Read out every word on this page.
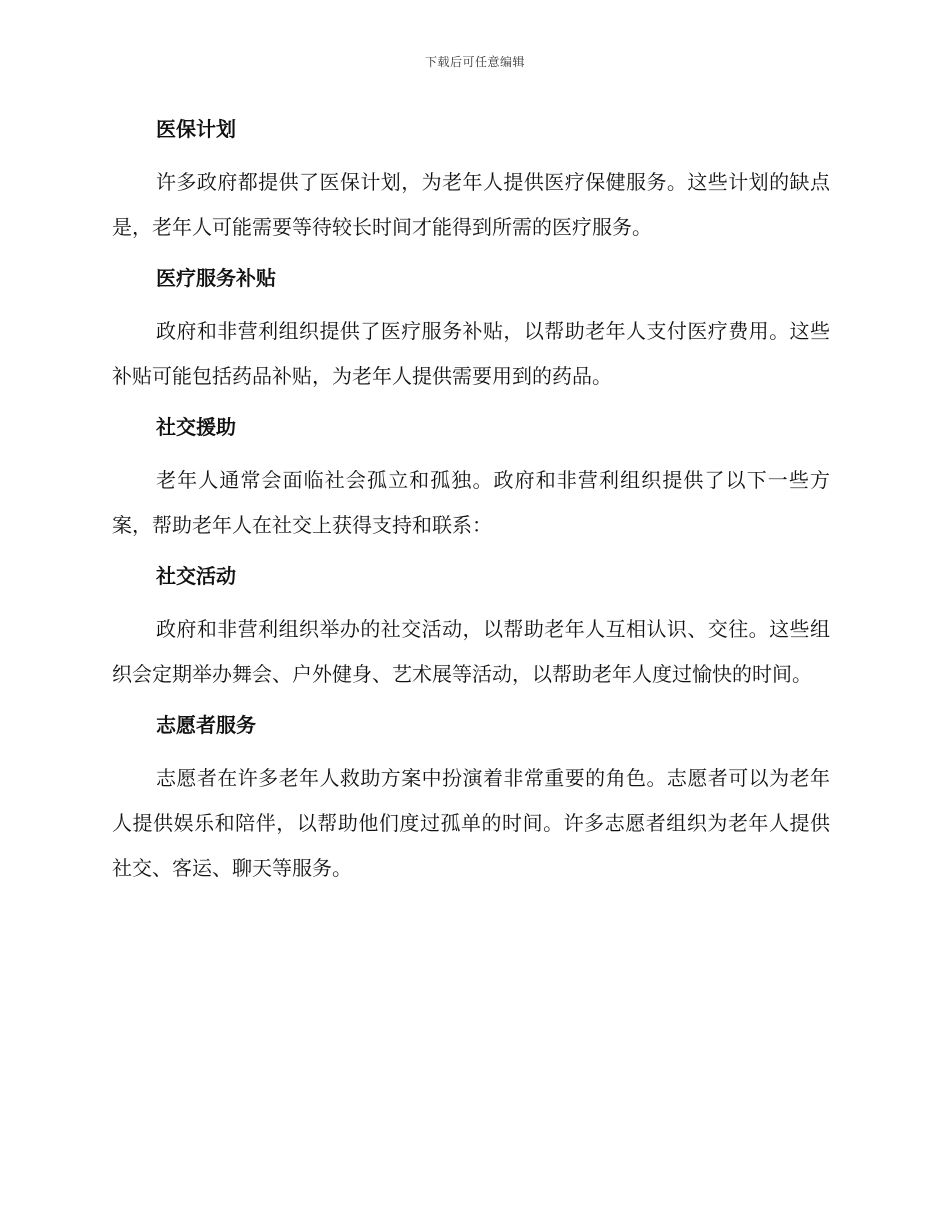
下载后可任意编辑
医保计划
许多政府都提供了医保计划，为老年人提供医疗保健服务。这些计划的缺点是，老年人可能需要等待较长时间才能得到所需的医疗服务。
医疗服务补贴
政府和非营利组织提供了医疗服务补贴，以帮助老年人支付医疗费用。这些补贴可能包括药品补贴，为老年人提供需要用到的药品。
社交援助
老年人通常会面临社会孤立和孤独。政府和非营利组织提供了以下一些方案，帮助老年人在社交上获得支持和联系：
社交活动
政府和非营利组织举办的社交活动，以帮助老年人互相认识、交往。这些组织会定期举办舞会、户外健身、艺术展等活动，以帮助老年人度过愉快的时间。
志愿者服务
志愿者在许多老年人救助方案中扮演着非常重要的角色。志愿者可以为老年人提供娱乐和陪伴，以帮助他们度过孤单的时间。许多志愿者组织为老年人提供社交、客运、聊天等服务。
